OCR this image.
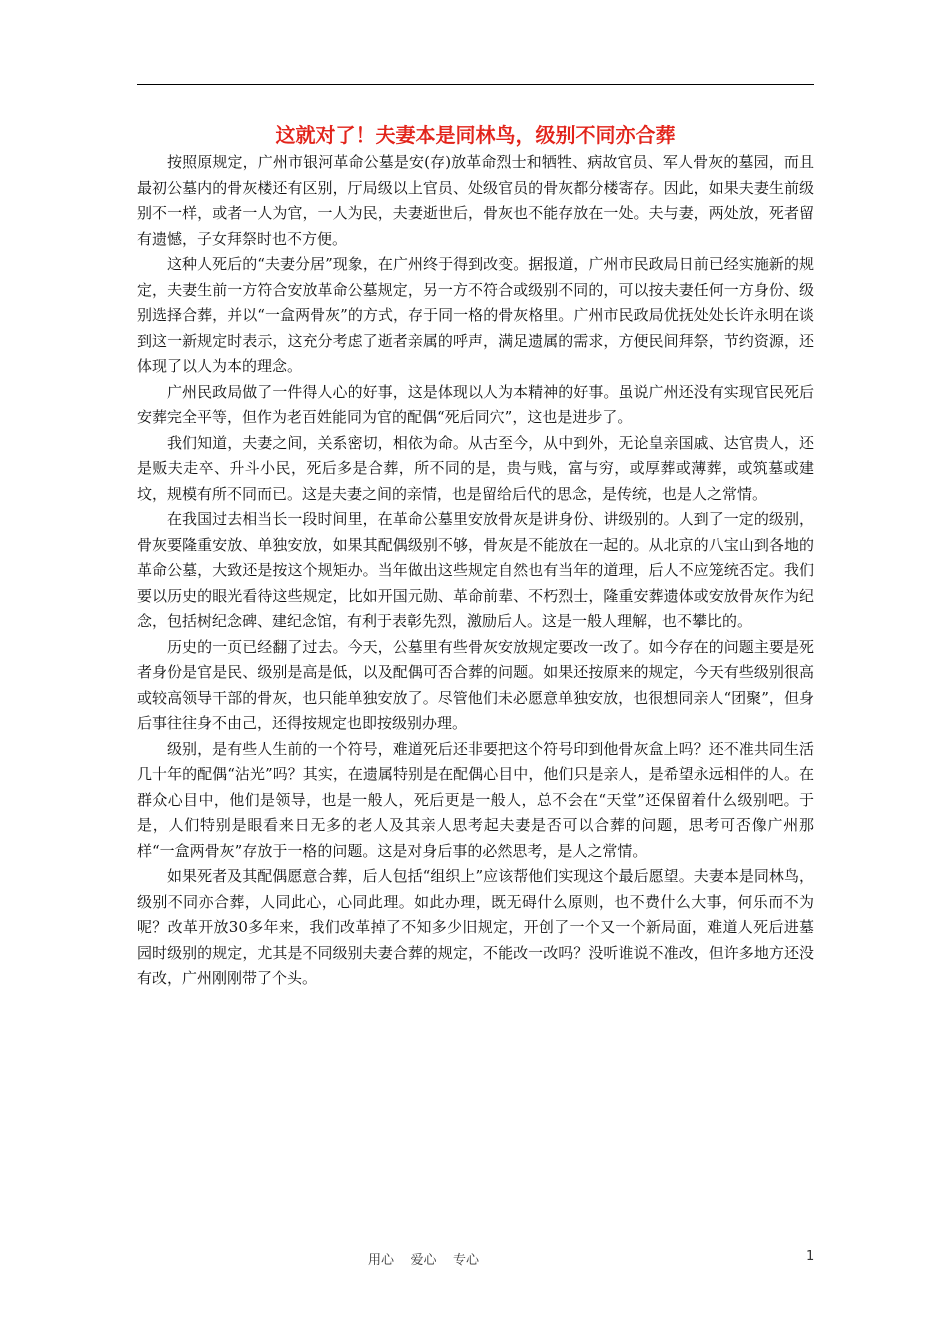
这就对了！夫妻本是同林鸟，级别不同亦合葬

按照原规定，广州市银河革命公墓是安(存)放革命烈士和牺牲、病故官员、军人骨灰的墓园，而且最初公墓内的骨灰楼还有区别，厅局级以上官员、处级官员的骨灰都分楼寄存。因此，如果夫妻生前级别不一样，或者一人为官，一人为民，夫妻逝世后，骨灰也不能存放在一处。夫与妻，两处放，死者留有遗憾，子女拜祭时也不方便。

这种人死后的“夫妻分居”现象，在广州终于得到改变。据报道，广州市民政局日前已经实施新的规定，夫妻生前一方符合安放革命公墓规定，另一方不符合或级别不同的，可以按夫妻任何一方身份、级别选择合葬，并以“一盒两骨灰”的方式，存于同一格的骨灰格里。广州市民政局优抚处处长许永明在谈到这一新规定时表示，这充分考虑了逝者亲属的呼声，满足遗属的需求，方便民间拜祭，节约资源，还体现了以人为本的理念。

广州民政局做了一件得人心的好事，这是体现以人为本精神的好事。虽说广州还没有实现官民死后安葬完全平等，但作为老百姓能同为官的配偶“死后同穴”，这也是进步了。

我们知道，夫妻之间，关系密切，相依为命。从古至今，从中到外，无论皇亲国戚、达官贵人，还是贩夫走卒、升斗小民，死后多是合葬，所不同的是，贵与贱，富与穷，或厚葬或薄葬，或筑墓或建坟，规模有所不同而已。这是夫妻之间的亲情，也是留给后代的思念，是传统，也是人之常情。

在我国过去相当长一段时间里，在革命公墓里安放骨灰是讲身份、讲级别的。人到了一定的级别，骨灰要隆重安放、单独安放，如果其配偶级别不够，骨灰是不能放在一起的。从北京的八宝山到各地的革命公墓，大致还是按这个规矩办。当年做出这些规定自然也有当年的道理，后人不应笼统否定。我们要以历史的眼光看待这些规定，比如开国元勋、革命前辈、不朽烈士，隆重安葬遗体或安放骨灰作为纪念，包括树纪念碑、建纪念馆，有利于表彰先烈，激励后人。这是一般人理解，也不攀比的。

历史的一页已经翻了过去。今天，公墓里有些骨灰安放规定要改一改了。如今存在的问题主要是死者身份是官是民、级别是高是低，以及配偶可否合葬的问题。如果还按原来的规定，今天有些级别很高或较高领导干部的骨灰，也只能单独安放了。尽管他们未必愿意单独安放，也很想同亲人“团聚”，但身后事往往身不由己，还得按规定也即按级别办理。

级别，是有些人生前的一个符号，难道死后还非要把这个符号印到他骨灰盒上吗？还不准共同生活几十年的配偶“沾光”吗？其实，在遗属特别是在配偶心目中，他们只是亲人，是希望永远相伴的人。在群众心目中，他们是领导，也是一般人，死后更是一般人，总不会在“天堂”还保留着什么级别吧。于是，人们特别是眼看来日无多的老人及其亲人思考起夫妻是否可以合葬的问题，思考可否像广州那样“一盒两骨灰”存放于一格的问题。这是对身后事的必然思考，是人之常情。

如果死者及其配偶愿意合葬，后人包括“组织上”应该帮他们实现这个最后愿望。夫妻本是同林鸟，级别不同亦合葬，人同此心，心同此理。如此办理，既无碍什么原则，也不费什么大事，何乐而不为呢？改革开放30多年来，我们改革掉了不知多少旧规定，开创了一个又一个新局面，难道人死后进墓园时级别的规定，尤其是不同级别夫妻合葬的规定，不能改一改吗？没听谁说不准改，但许多地方还没有改，广州刚刚带了个头。

用心    爱心    专心	1
